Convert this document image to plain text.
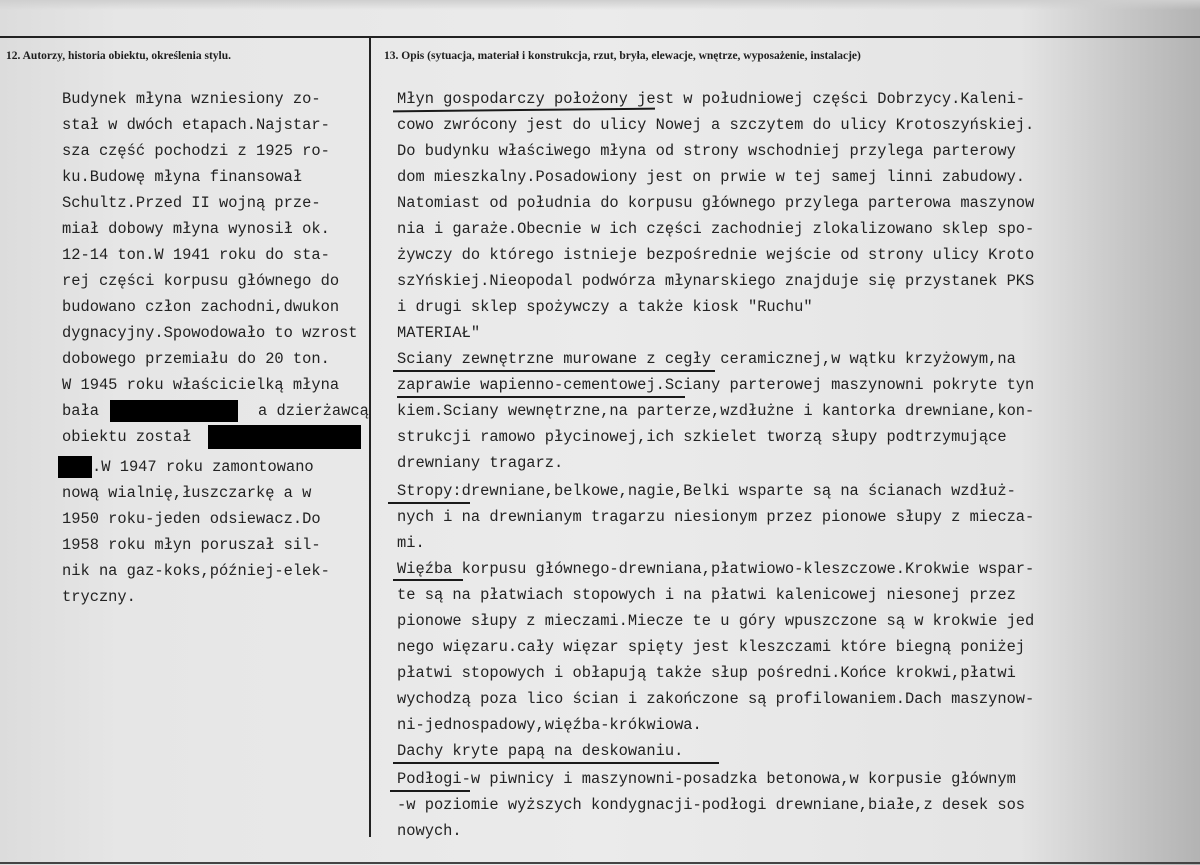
12. Autorzy, historia obiektu, określenia stylu.	13. Opis (sytuacja, materiał i konstrukcja, rzut, bryła, elewacje, wnętrze, wyposażenie, instalacje)
Budynek młyna wzniesiony zo-
stał w dwóch etapach.Najstar-
sza część pochodzi z 1925 ro-
ku.Budowę młyna finansował
Schultz.Przed II wojną prze-
miał dobowy młyna wynosił ok.
12-14 ton.W 1941 roku do sta-
rej części korpusu głównego do
budowano człon zachodni,dwukon
dygnacyjny.Spowodowało to wzrost
dobowego przemiału do 20 ton.
W 1945 roku właścicielką młyna
bała	a dzierżawcą
obiektu został
.W 1947 roku zamontowano
nową wialnię,łuszczarkę a w
1950 roku-jeden odsiewacz.Do
1958 roku młyn poruszał sil-
nik na gaz-koks,później-elek-
tryczny.
Młyn gospodarczy położony jest w południowej części Dobrzycy.Kaleni-
cowo zwrócony jest do ulicy Nowej a szczytem do ulicy Krotoszyńskiej.
Do budynku właściwego młyna od strony wschodniej przylega parterowy
dom mieszkalny.Posadowiony jest on prwie w tej samej linni zabudowy.
Natomiast od południa do korpusu głównego przylega parterowa maszynow
nia i garaże.Obecnie w ich części zachodniej zlokalizowano sklep spo-
żywczy do którego istnieje bezpośrednie wejście od strony ulicy Kroto
szYńskiej.Nieopodal podwórza młynarskiego znajduje się przystanek PKS
i drugi sklep spożywczy a także kiosk "Ruchu"
MATERIAŁ"
Sciany zewnętrzne murowane z cegły ceramicznej,w wątku krzyżowym,na
zaprawie wapienno-cementowej.Sciany parterowej maszynowni pokryte tyn
kiem.Sciany wewnętrzne,na parterze,wzdłużne i kantorka drewniane,kon-
strukcji ramowo płycinowej,ich szkielet tworzą słupy podtrzymujące
drewniany tragarz.
Stropy:drewniane,belkowe,nagie,Belki wsparte są na ścianach wzdłuż-
nych i na drewnianym tragarzu niesionym przez pionowe słupy z miecza-
mi.
Więźba korpusu głównego-drewniana,płatwiowo-kleszczowe.Krokwie wspar-
te są na płatwiach stopowych i na płatwi kalenicowej niesonej przez
pionowe słupy z mieczami.Miecze te u góry wpuszczone są w krokwie jed
nego więzaru.cały więzar spięty jest kleszczami które biegną poniżej
płatwi stopowych i obłapują także słup pośredni.Końce krokwi,płatwi
wychodzą poza lico ścian i zakończone są profilowaniem.Dach maszynow-
ni-jednospadowy,więźba-krókwiowa.
Dachy kryte papą na deskowaniu.
Podłogi-w piwnicy i maszynowni-posadzka betonowa,w korpusie głównym
-w poziomie wyższych kondygnacji-podłogi drewniane,białe,z desek sos
nowych.
